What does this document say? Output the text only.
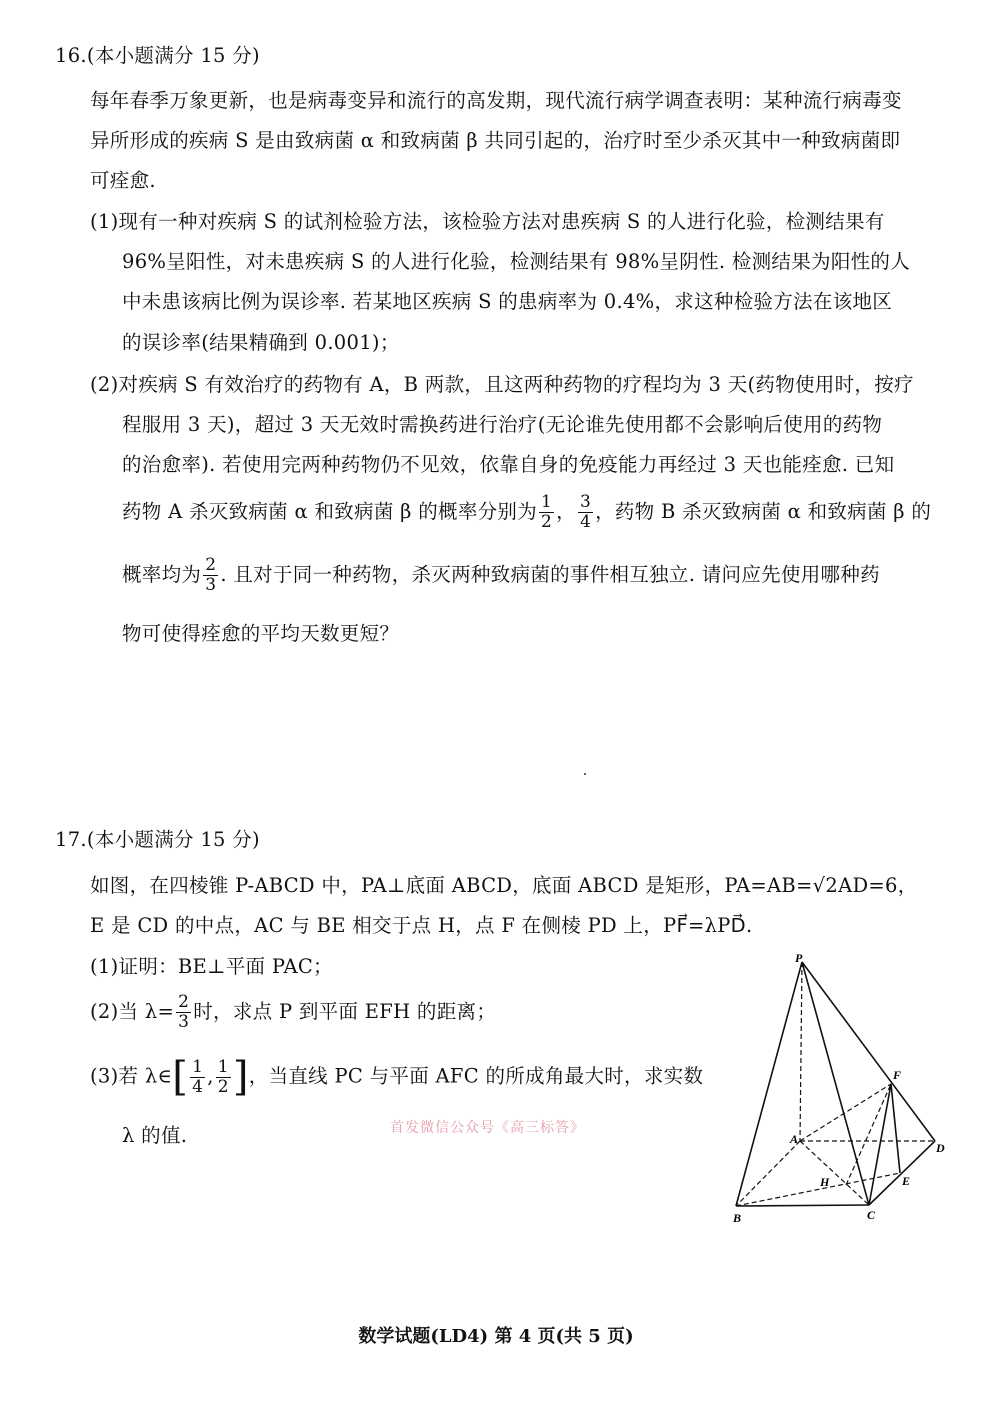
16.(本小题满分 15 分)
每年春季万象更新，也是病毒变异和流行的高发期，现代流行病学调查表明：某种流行病毒变
异所形成的疾病 S 是由致病菌 α 和致病菌 β 共同引起的，治疗时至少杀灭其中一种致病菌即
可痊愈.
(1)现有一种对疾病 S 的试剂检验方法，该检验方法对患疾病 S 的人进行化验，检测结果有
96%呈阳性，对未患疾病 S 的人进行化验，检测结果有 98%呈阴性. 检测结果为阳性的人
中未患该病比例为误诊率. 若某地区疾病 S 的患病率为 0.4%，求这种检验方法在该地区
的误诊率(结果精确到 0.001)；
(2)对疾病 S 有效治疗的药物有 A，B 两款，且这两种药物的疗程均为 3 天(药物使用时，按疗
程服用 3 天)，超过 3 天无效时需换药进行治疗(无论谁先使用都不会影响后使用的药物
的治愈率). 若使用完两种药物仍不见效，依靠自身的免疫能力再经过 3 天也能痊愈. 已知
药物 A 杀灭致病菌 α 和致病菌 β 的概率分别为 $\frac{1}{2}$ ， $\frac{3}{4}$ ，药物 B 杀灭致病菌 α 和致病菌 β 的
概率均为 $\frac{2}{3}$ . 且对于同一种药物，杀灭两种致病菌的事件相互独立. 请问应先使用哪种药
物可使得痊愈的平均天数更短？
17.(本小题满分 15 分)
如图，在四棱锥 P-ABCD 中，PA⊥底面 ABCD，底面 ABCD 是矩形，PA=AB=√2AD=6，
E 是 CD 的中点，AC 与 BE 相交于点 H，点 F 在侧棱 PD 上，PF⃗=λPD⃗.
(1)证明：BE⊥平面 PAC；
(2)当 $\lambda= \frac{2}{3}$ 时，求点 P 到平面 EFH 的距离；
(3)若 λ∈[ $\frac{1}{4}$ , $\frac{1}{2}$ ]，当直线 PC 与平面 AFC 的所成角最大时，求实数
λ 的值.	首发微信公众号《高三标答》
P
A
B	C
D
E
F
H
数学试题(LD4) 第 4 页(共 5 页)
